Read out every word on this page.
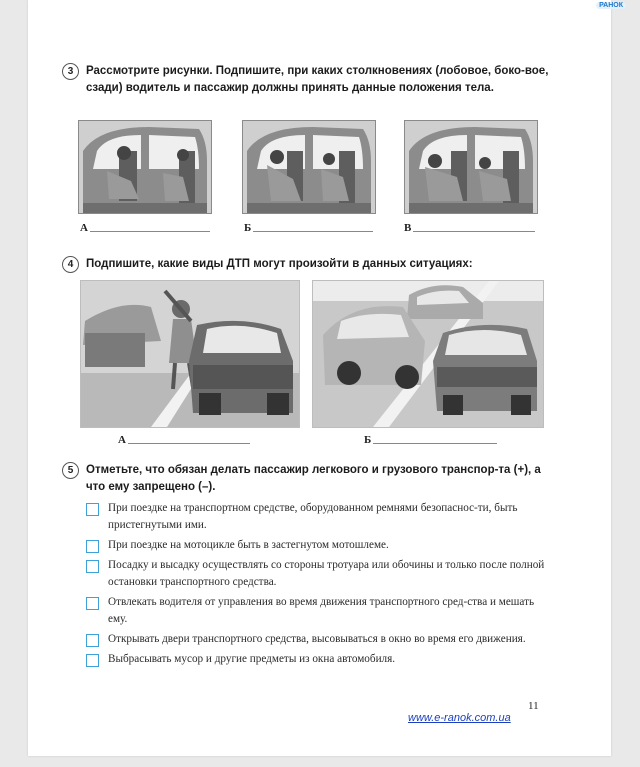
РАНОК
3	Рассмотрите рисунки. Подпишите, при каких столкновениях (лобовое, боко-вое, сзади) водитель и пассажир должны принять данные положения тела.
А	Б	В
4	Подпишите, какие виды ДТП могут произойти в данных ситуациях:
А	Б
5	Отметьте, что обязан делать пассажир легкового и грузового транспор-та (+), а что ему запрещено (–).
При поездке на транспортном средстве, оборудованном ремнями безопаснос-ти, быть пристегнутыми ими.
При поездке на мотоцикле быть в застегнутом мотошлеме.
Посадку и высадку осуществлять со стороны тротуара или обочины и только после полной остановки транспортного средства.
Отвлекать водителя от управления во время движения транспортного сред-ства и мешать ему.
Открывать двери транспортного средства, высовываться в окно во время его движения.
Выбрасывать мусор и другие предметы из окна автомобиля.
11
www.e-ranok.com.ua
